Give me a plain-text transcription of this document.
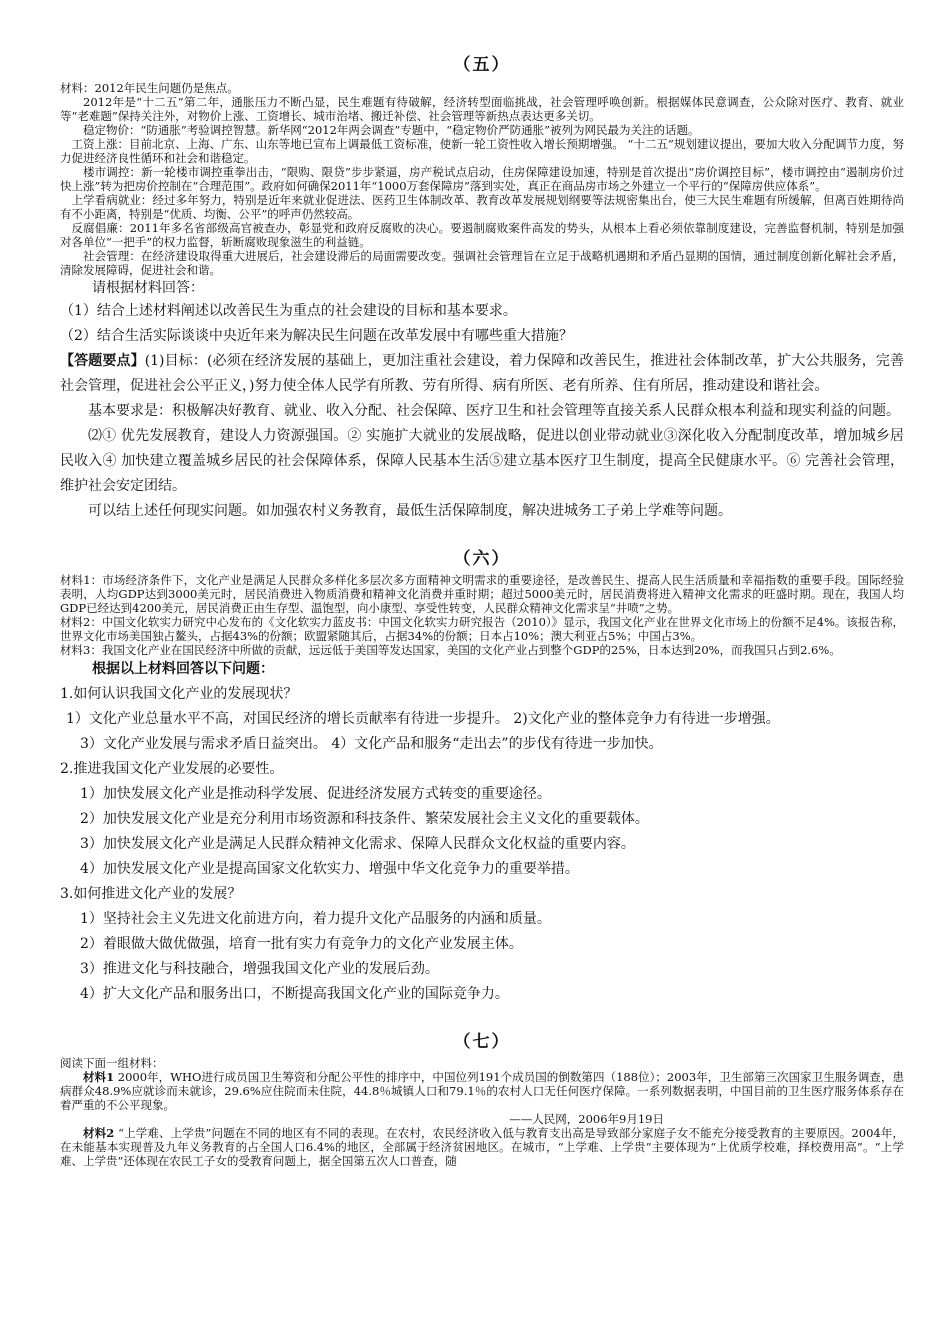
（五）

材料：2012年民生问题仍是焦点。

2012年是“十二五”第二年，通胀压力不断凸显，民生难题有待破解，经济转型面临挑战，社会管理呼唤创新。根据媒体民意调查，公众除对医疗、教育、就业等“老难题”保持关注外，对物价上涨、工资增长、城市治堵、搬迁补偿、社会管理等新热点表达更多关切。

稳定物价：“防通胀”考验调控智慧。新华网“2012年两会调查”专题中，“稳定物价严防通胀”被列为网民最为关注的话题。

工资上涨：目前北京、上海、广东、山东等地已宣布上调最低工资标准，使新一轮工资性收入增长预期增强。 “十二五”规划建议提出，要加大收入分配调节力度，努力促进经济良性循环和社会和谐稳定。

楼市调控：新一轮楼市调控重拳出击，“限购、限贷”步步紧逼，房产税试点启动，住房保障建设加速，特别是首次提出“房价调控目标”，楼市调控由“遏制房价过快上涨”转为把房价控制在“合理范围”。政府如何确保2011年“1000万套保障房”落到实处，真正在商品房市场之外建立一个平行的“保障房供应体系”。

上学看病就业：经过多年努力，特别是近年来就业促进法、医药卫生体制改革、教育改革发展规划纲要等法规密集出台，使三大民生难题有所缓解，但离百姓期待尚有不小距离，特别是“优质、均衡、公平”的呼声仍然较高。

反腐倡廉：2011年多名省部级高官被查办，彰显党和政府反腐败的决心。要遏制腐败案件高发的势头，从根本上看必须依靠制度建设，完善监督机制，特别是加强对各单位“一把手”的权力监督，斩断腐败现象滋生的利益链。

社会管理：在经济建设取得重大进展后，社会建设滞后的局面需要改变。强调社会管理旨在立足于战略机遇期和矛盾凸显期的国情，通过制度创新化解社会矛盾，清除发展障碍，促进社会和谐。

请根据材料回答：

（1）结合上述材料阐述以改善民生为重点的社会建设的目标和基本要求。

（2）结合生活实际谈谈中央近年来为解决民生问题在改革发展中有哪些重大措施？

【答题要点】(1)目标：(必须在经济发展的基础上，更加注重社会建设，着力保障和改善民生，推进社会体制改革，扩大公共服务，完善社会管理，促进社会公平正义，)努力使全体人民学有所教、劳有所得、病有所医、老有所养、住有所居，推动建设和谐社会。

基本要求是：积极解决好教育、就业、收入分配、社会保障、医疗卫生和社会管理等直接关系人民群众根本利益和现实利益的问题。

⑵① 优先发展教育，建设人力资源强国。② 实施扩大就业的发展战略，促进以创业带动就业③深化收入分配制度改革，增加城乡居民收入④ 加快建立覆盖城乡居民的社会保障体系，保障人民基本生活⑤建立基本医疗卫生制度，提高全民健康水平。⑥ 完善社会管理，维护社会安定团结。

可以结上述任何现实问题。如加强农村义务教育，最低生活保障制度，解决进城务工子弟上学难等问题。

（六）

材料1：市场经济条件下，文化产业是满足人民群众多样化多层次多方面精神文明需求的重要途径，是改善民生、提高人民生活质量和幸福指数的重要手段。国际经验表明，人均GDP达到3000美元时，居民消费进入物质消费和精神文化消费并重时期；超过5000美元时，居民消费将进入精神文化需求的旺盛时期。现在，我国人均GDP已经达到4200美元，居民消费正由生存型、温饱型，向小康型、享受性转变，人民群众精神文化需求呈“井喷”之势。

材料2：中国文化软实力研究中心发布的《文化软实力蓝皮书：中国文化软实力研究报告（2010）》显示，我国文化产业在世界文化市场上的份额不足4%。该报告称，世界文化市场美国独占鳌头，占据43%的份额；欧盟紧随其后，占据34%的份额；日本占10%；澳大利亚占5%；中国占3%。

材料3：我国文化产业在国民经济中所做的贡献，远远低于美国等发达国家，美国的文化产业占到整个GDP的25%，日本达到20%，而我国只占到2.6%。

根据以上材料回答以下问题：

1.如何认识我国文化产业的发展现状？

1）文化产业总量水平不高，对国民经济的增长贡献率有待进一步提升。 2)文化产业的整体竞争力有待进一步增强。

3）文化产业发展与需求矛盾日益突出。 4）文化产品和服务“走出去”的步伐有待进一步加快。

2.推进我国文化产业发展的必要性。

1）加快发展文化产业是推动科学发展、促进经济发展方式转变的重要途径。

2）加快发展文化产业是充分利用市场资源和科技条件、繁荣发展社会主义文化的重要载体。

3）加快发展文化产业是满足人民群众精神文化需求、保障人民群众文化权益的重要内容。

4）加快发展文化产业是提高国家文化软实力、增强中华文化竞争力的重要举措。

3.如何推进文化产业的发展？

1）坚持社会主义先进文化前进方向，着力提升文化产品服务的内涵和质量。

2）着眼做大做优做强，培育一批有实力有竞争力的文化产业发展主体。

3）推进文化与科技融合，增强我国文化产业的发展后劲。

4）扩大文化产品和服务出口，不断提高我国文化产业的国际竞争力。

（七）

阅读下面一组材料：

材料1 2000年，WHO进行成员国卫生筹资和分配公平性的排序中，中国位列191个成员国的倒数第四（188位）；2003年，卫生部第三次国家卫生服务调查，患病群众48.9%应就诊而未就诊，29.6%应住院而未住院，44.8％城镇人口和79.1％的农村人口无任何医疗保障。一系列数据表明，中国目前的卫生医疗服务体系存在着严重的不公平现象。

——人民网，2006年9月19日

材料2 “上学难、上学贵”问题在不同的地区有不同的表现。在农村，农民经济收入低与教育支出高是导致部分家庭子女不能充分接受教育的主要原因。2004年，在未能基本实现普及九年义务教育的占全国人口6.4%的地区，全部属于经济贫困地区。在城市，“上学难、上学贵”主要体现为“上优质学校难，择校费用高”。“上学难、上学贵”还体现在农民工子女的受教育问题上，据全国第五次人口普查，随
